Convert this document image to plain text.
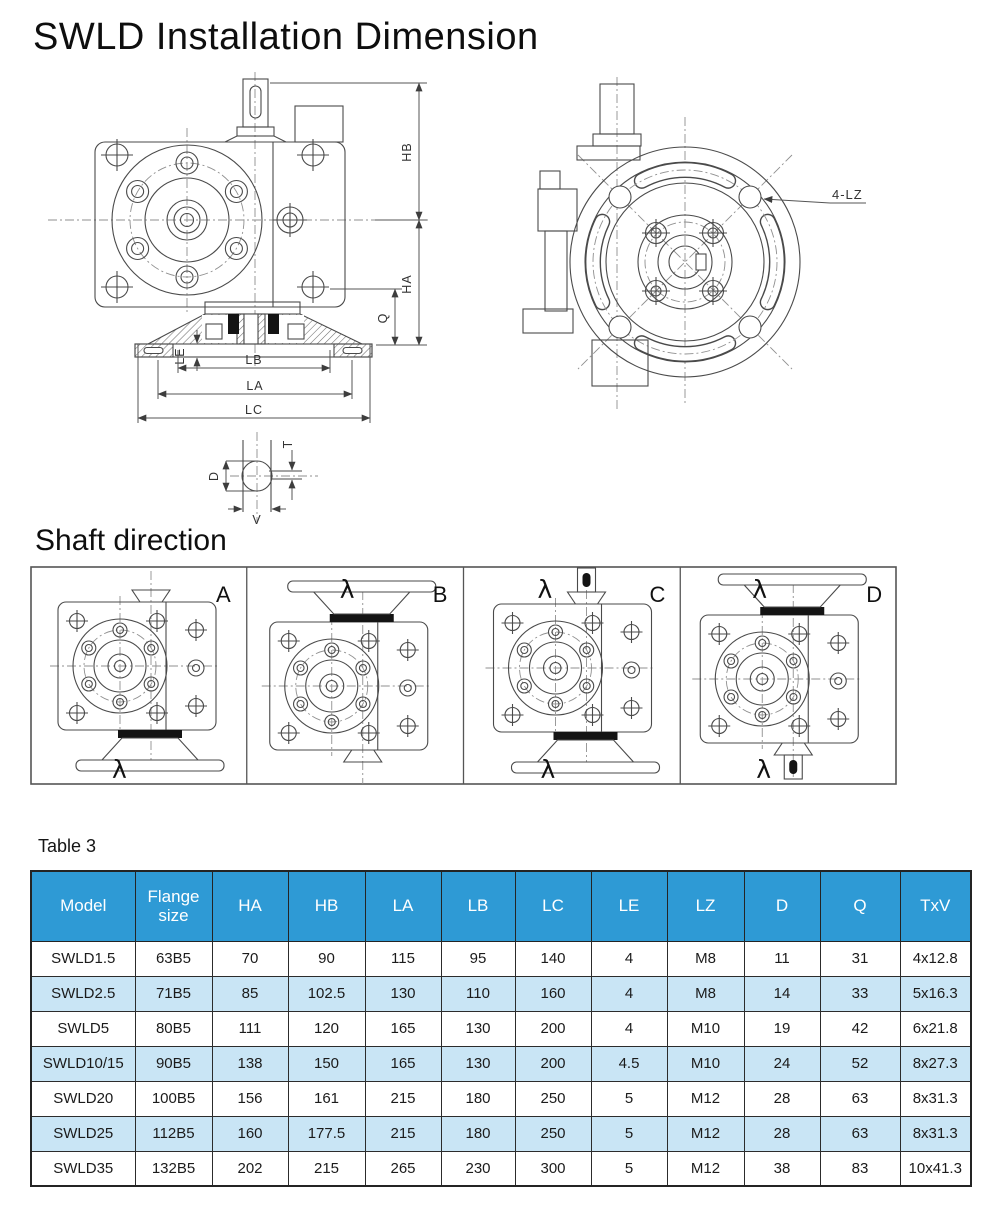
SWLD Installation Dimension
HB
HA
Q
LE	LB
LA
LC
T
D
V
4-LZ
Shaft direction
A
λ
B
λ	C
λ
λ
D
λ
λ
Table 3
Model	Flange size	HA	HB	LA	LB	LC	LE	LZ	D	Q	TxV
SWLD1.5	63B5	70	90	115	95	140	4	M8	11	31	4x12.8
SWLD2.5	71B5	85	102.5	130	110	160	4	M8	14	33	5x16.3
SWLD5	80B5	111	120	165	130	200	4	M10	19	42	6x21.8
SWLD10/15	90B5	138	150	165	130	200	4.5	M10	24	52	8x27.3
SWLD20	100B5	156	161	215	180	250	5	M12	28	63	8x31.3
SWLD25	112B5	160	177.5	215	180	250	5	M12	28	63	8x31.3
SWLD35	132B5	202	215	265	230	300	5	M12	38	83	10x41.3
